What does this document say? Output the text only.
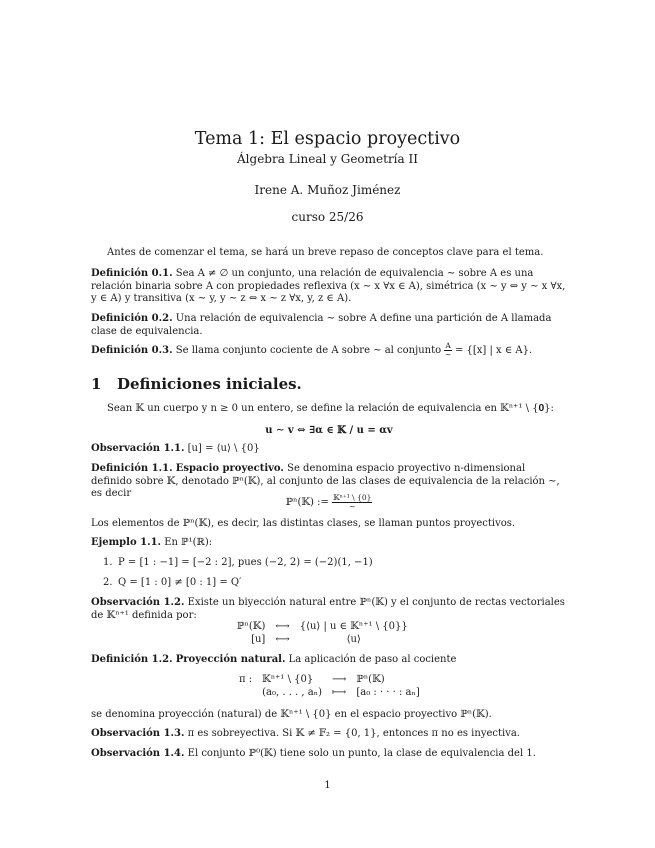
Tema 1: El espacio proyectivo
Álgebra Lineal y Geometría II
Irene A. Muñoz Jiménez
curso 25/26
Antes de comenzar el tema, se hará un breve repaso de conceptos clave para el tema.
Definición 0.1. Sea A ≠ ∅ un conjunto, una relación de equivalencia ∼ sobre A es una relación binaria sobre A con propiedades reflexiva (x ∼ x ∀x ∈ A), simétrica (x ∼ y ⇔ y ∼ x ∀x, y ∈ A) y transitiva (x ∼ y, y ∼ z ⇔ x ∼ z ∀x, y, z ∈ A).
Definición 0.2. Una relación de equivalencia ∼ sobre A define una partición de A llamada clase de equivalencia.
Definición 0.3. Se llama conjunto cociente de A sobre ∼ al conjunto $\frac{A}{\sim} = \{[x]$ | x ∈ A}.
1 Definiciones iniciales.
Sean 𝕂 un cuerpo y n ≥ 0 un entero, se define la relación de equivalencia en 𝕂ⁿ⁺¹ \ {𝟎}:
u ∼ v ⇔ ∃α ∈ 𝕂 / u = αv
Observación 1.1. [u] = ⟨u⟩ \ {0}
Definición 1.1. Espacio proyectivo. Se denomina espacio proyectivo n-dimensional definido sobre 𝕂, denotado ℙⁿ(𝕂), al conjunto de las clases de equivalencia de la relación ∼, es decir
ℙⁿ(𝕂) := $\frac{\text{𝕂ⁿ⁺¹ \textbackslash{} \{0\}}}{\sim}$
Los elementos de ℙⁿ(𝕂), es decir, las distintas clases, se llaman puntos proyectivos.
Ejemplo 1.1. En ℙ¹(ℝ):
1. P = [1 : −1] = [−2 : 2], pues (−2, 2) = (−2)(1, −1)
2. Q = [1 : 0] ≠ [0 : 1] = Q′
Observación 1.2. Existe un biyección natural entre ℙⁿ(𝕂) y el conjunto de rectas vectoriales de 𝕂ⁿ⁺¹ definida por:
ℙⁿ(𝕂)	⟷	{⟨u⟩ | u ∈ 𝕂ⁿ⁺¹ \ {0}}
[u]	⟷	⟨u⟩
Definición 1.2. Proyección natural. La aplicación de paso al cociente
π :	𝕂ⁿ⁺¹ \ {0}	⟶	ℙⁿ(𝕂)
	(a₀, . . . , aₙ)	⟼	[a₀ : · · · : aₙ]
se denomina proyección (natural) de 𝕂ⁿ⁺¹ \ {0} en el espacio proyectivo ℙⁿ(𝕂).
Observación 1.3. π es sobreyectiva. Si 𝕂 ≠ 𝔽₂ = {0, 1}, entonces π no es inyectiva.
Observación 1.4. El conjunto ℙ⁰(𝕂) tiene solo un punto, la clase de equivalencia del 1.
1
